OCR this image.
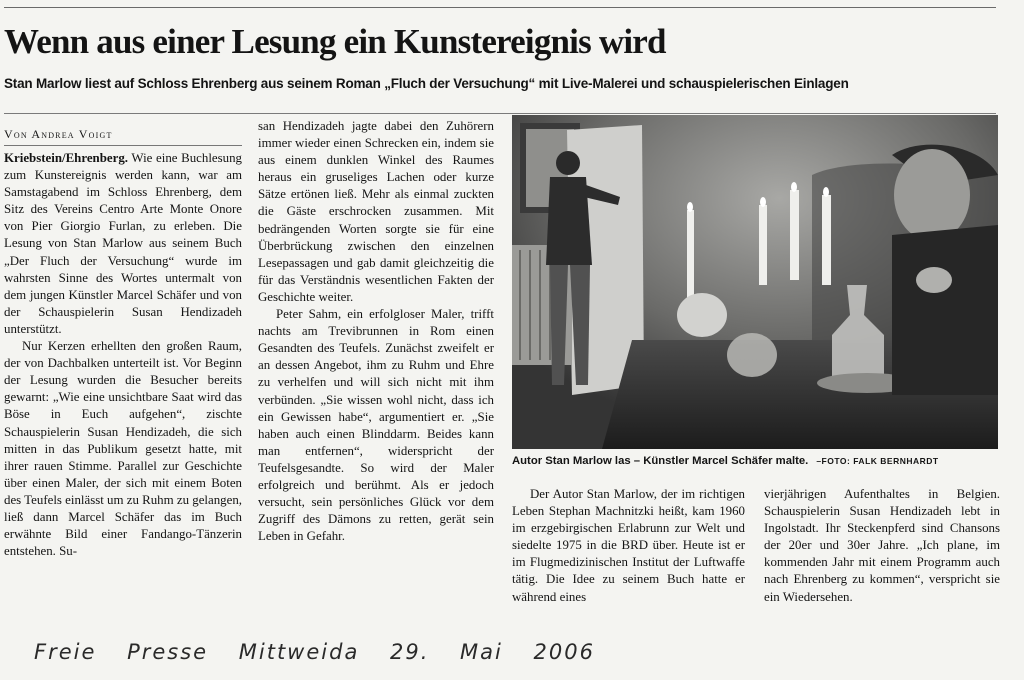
Wenn aus einer Lesung ein Kunstereignis wird
Stan Marlow liest auf Schloss Ehrenberg aus seinem Roman „Fluch der Versuchung“ mit Live-Malerei und schauspielerischen Einlagen
Von Andrea Voigt

Kriebstein/Ehrenberg. Wie eine Buchlesung zum Kunstereignis werden kann, war am Samstagabend im Schloss Ehrenberg, dem Sitz des Vereins Centro Arte Monte Onore von Pier Giorgio Furlan, zu erleben. Die Lesung von Stan Marlow aus seinem Buch „Der Fluch der Versuchung“ wurde im wahrsten Sinne des Wortes untermalt von dem jungen Künstler Marcel Schäfer und von der Schauspielerin Susan Hendizadeh unterstützt.

Nur Kerzen erhellten den großen Raum, der von Dachbalken unterteilt ist. Vor Beginn der Lesung wurden die Besucher bereits gewarnt: „Wie eine unsichtbare Saat wird das Böse in Euch aufgehen“, zischte Schauspielerin Susan Hendizadeh, die sich mitten in das Publikum gesetzt hatte, mit ihrer rauen Stimme. Parallel zur Geschichte über einen Maler, der sich mit einem Boten des Teufels einlässt um zu Ruhm zu gelangen, ließ dann Marcel Schäfer das im Buch erwähnte Bild einer Fandango-Tänzerin entstehen. Su-

san Hendizadeh jagte dabei den Zuhörern immer wieder einen Schrecken ein, indem sie aus einem dunklen Winkel des Raumes heraus ein gruseliges Lachen oder kurze Sätze ertönen ließ. Mehr als einmal zuckten die Gäste erschrocken zusammen. Mit bedrängenden Worten sorgte sie für eine Überbrückung zwischen den einzelnen Lesepassagen und gab damit gleichzeitig die für das Verständnis wesentlichen Fakten der Geschichte weiter.

Peter Sahm, ein erfolgloser Maler, trifft nachts am Trevibrunnen in Rom einen Gesandten des Teufels. Zunächst zweifelt er an dessen Angebot, ihm zu Ruhm und Ehre zu verhelfen und will sich nicht mit ihm verbünden. „Sie wissen wohl nicht, dass ich ein Gewissen habe“, argumentiert er. „Sie haben auch einen Blinddarm. Beides kann man entfernen“, widerspricht der Teufelsgesandte. So wird der Maler erfolgreich und berühmt. Als er jedoch versucht, sein persönliches Glück vor dem Zugriff des Dämons zu retten, gerät sein Leben in Gefahr.

Autor Stan Marlow las – Künstler Marcel Schäfer malte. –FOTO: FALK BERNHARDT

Der Autor Stan Marlow, der im richtigen Leben Stephan Machnitzki heißt, kam 1960 im erzgebirgischen Erlabrunn zur Welt und siedelte 1975 in die BRD über. Heute ist er im Flugmedizinischen Institut der Luftwaffe tätig. Die Idee zu seinem Buch hatte er während eines

vierjährigen Aufenthaltes in Belgien. Schauspielerin Susan Hendizadeh lebt in Ingolstadt. Ihr Steckenpferd sind Chansons der 20er und 30er Jahre. „Ich plane, im kommenden Jahr mit einem Programm auch nach Ehrenberg zu kommen“, verspricht sie ein Wiedersehen.

Freie Presse Mittweida 29. Mai 2006
